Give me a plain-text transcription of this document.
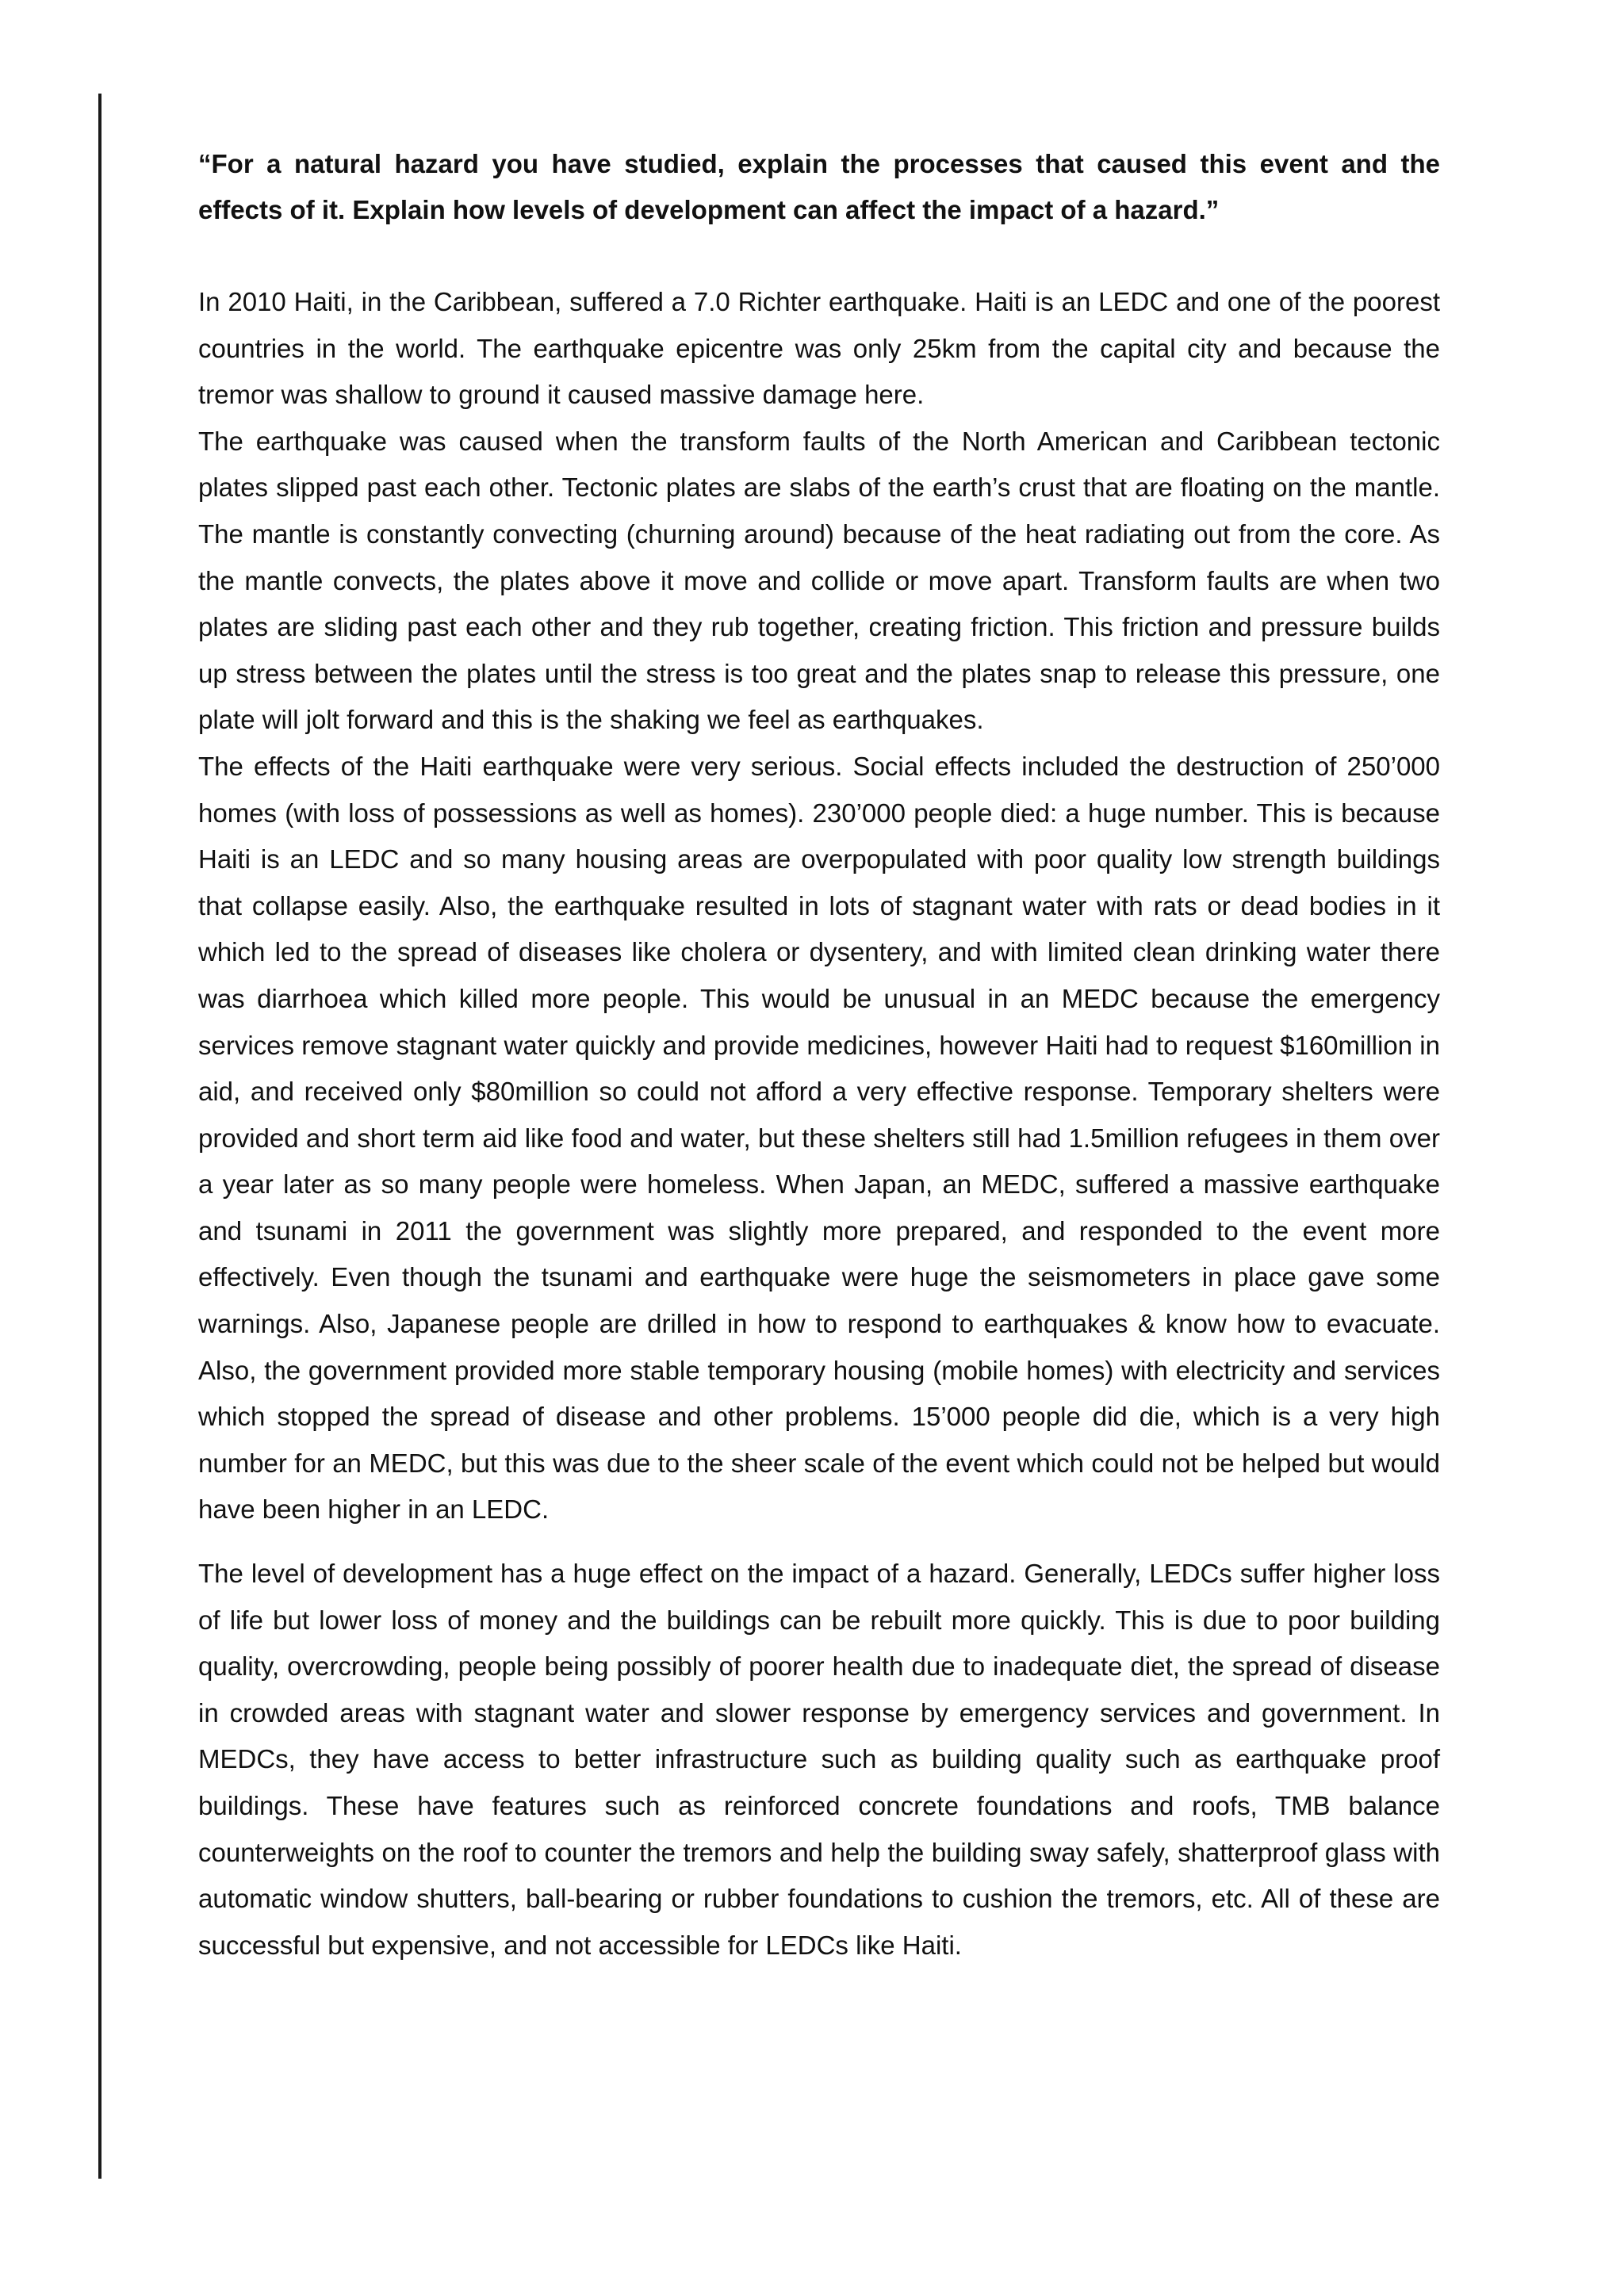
“For a natural hazard you have studied, explain the processes that caused this event and the effects of it. Explain how levels of development can affect the impact of a hazard.”

In 2010 Haiti, in the Caribbean, suffered a 7.0 Richter earthquake. Haiti is an LEDC and one of the poorest countries in the world. The earthquake epicentre was only 25km from the capital city and because the tremor was shallow to ground it caused massive damage here.

The earthquake was caused when the transform faults of the North American and Caribbean tectonic plates slipped past each other. Tectonic plates are slabs of the earth’s crust that are floating on the mantle. The mantle is constantly convecting (churning around) because of the heat radiating out from the core. As the mantle convects, the plates above it move and collide or move apart. Transform faults are when two plates are sliding past each other and they rub together, creating friction. This friction and pressure builds up stress between the plates until the stress is too great and the plates snap to release this pressure, one plate will jolt forward and this is the shaking we feel as earthquakes.

The effects of the Haiti earthquake were very serious. Social effects included the destruction of 250’000 homes (with loss of possessions as well as homes). 230’000 people died: a huge number. This is because Haiti is an LEDC and so many housing areas are overpopulated with poor quality low strength buildings that collapse easily. Also, the earthquake resulted in lots of stagnant water with rats or dead bodies in it which led to the spread of diseases like cholera or dysentery, and with limited clean drinking water there was diarrhoea which killed more people. This would be unusual in an MEDC because the emergency services remove stagnant water quickly and provide medicines, however Haiti had to request $160million in aid, and received only $80million so could not afford a very effective response. Temporary shelters were provided and short term aid like food and water, but these shelters still had 1.5million refugees in them over a year later as so many people were homeless. When Japan, an MEDC, suffered a massive earthquake and tsunami in 2011 the government was slightly more prepared, and responded to the event more effectively. Even though the tsunami and earthquake were huge the seismometers in place gave some warnings. Also, Japanese people are drilled in how to respond to earthquakes & know how to evacuate. Also, the government provided more stable temporary housing (mobile homes) with electricity and services which stopped the spread of disease and other problems. 15’000 people did die, which is a very high number for an MEDC, but this was due to the sheer scale of the event which could not be helped but would have been higher in an LEDC.

The level of development has a huge effect on the impact of a hazard. Generally, LEDCs suffer higher loss of life but lower loss of money and the buildings can be rebuilt more quickly. This is due to poor building quality, overcrowding, people being possibly of poorer health due to inadequate diet, the spread of disease in crowded areas with stagnant water and slower response by emergency services and government. In MEDCs, they have access to better infrastructure such as building quality such as earthquake proof buildings. These have features such as reinforced concrete foundations and roofs, TMB balance counterweights on the roof to counter the tremors and help the building sway safely, shatterproof glass with automatic window shutters, ball-bearing or rubber foundations to cushion the tremors, etc. All of these are successful but expensive, and not accessible for LEDCs like Haiti.
